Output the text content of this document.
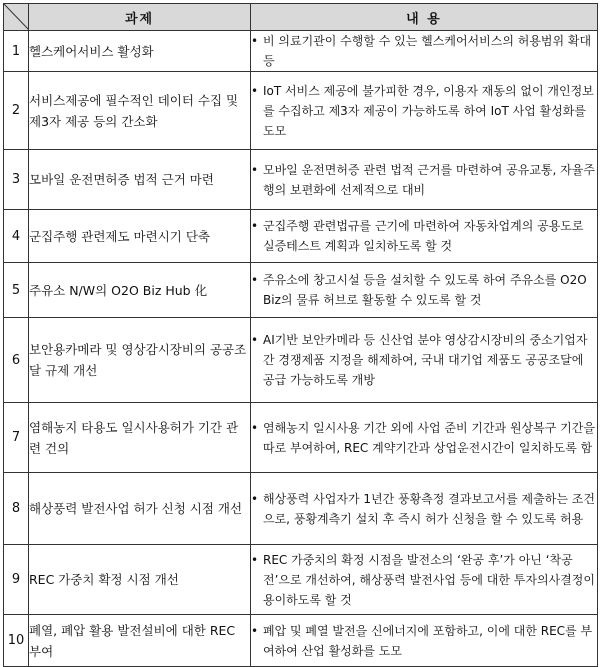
	과제	내 용
1	헬스케어서비스 활성화	• 비 의료기관이 수행할 수 있는 헬스케어서비스의 허용범위 확대 등

2	서비스제공에 필수적인 데이터 수집 및 제3자 제공 등의 간소화	• IoT 서비스 제공에 불가피한 경우, 이용자 재동의 없이 개인정보를 수집하고 제3자 제공이 가능하도록 하여 IoT 사업 활성화를 도모

3	모바일 운전면허증 법적 근거 마련	• 모바일 운전면허증 관련 법적 근거를 마련하여 공유교통, 자율주행의 보편화에 선제적으로 대비

4	군집주행 관련제도 마련시기 단축	• 군집주행 관련법규를 근기에 마련하여 자동차업계의 공용도로 실증테스트 계획과 일치하도록 할 것

5	주유소 N/W의 O2O Biz Hub 化	• 주유소에 창고시설 등을 설치할 수 있도록 하여 주유소를 O2O Biz의 물류 허브로 활동할 수 있도록 할 것

6	보안용카메라 및 영상감시장비의 공공조달 규제 개선	• AI기반 보안카메라 등 신산업 분야 영상감시장비의 중소기업자간 경쟁제품 지정을 해제하여, 국내 대기업 제품도 공공조달에 공급 가능하도록 개방

7	염해농지 타용도 일시사용허가 기간 관련 건의	• 염해농지 일시사용 기간 외에 사업 준비 기간과 원상복구 기간을 따로 부여하여, REC 계약기간과 상업운전시간이 일치하도록 함

8	해상풍력 발전사업 허가 신청 시점 개선	• 해상풍력 사업자가 1년간 풍황측정 결과보고서를 제출하는 조건으로, 풍황계측기 설치 후 즉시 허가 신청을 할 수 있도록 허용

9	REC 가중치 확정 시점 개선	• REC 가중치의 확정 시점을 발전소의 ‘완공 후’가 아닌 ‘착공 전’으로 개선하여, 해상풍력 발전사업 등에 대한 투자의사결정이 용이하도록 할 것

10	폐열, 폐압 활용 발전설비에 대한 REC 부여	• 폐압 및 폐열 발전을 신에너지에 포함하고, 이에 대한 REC를 부여하여 산업 활성화를 도모
